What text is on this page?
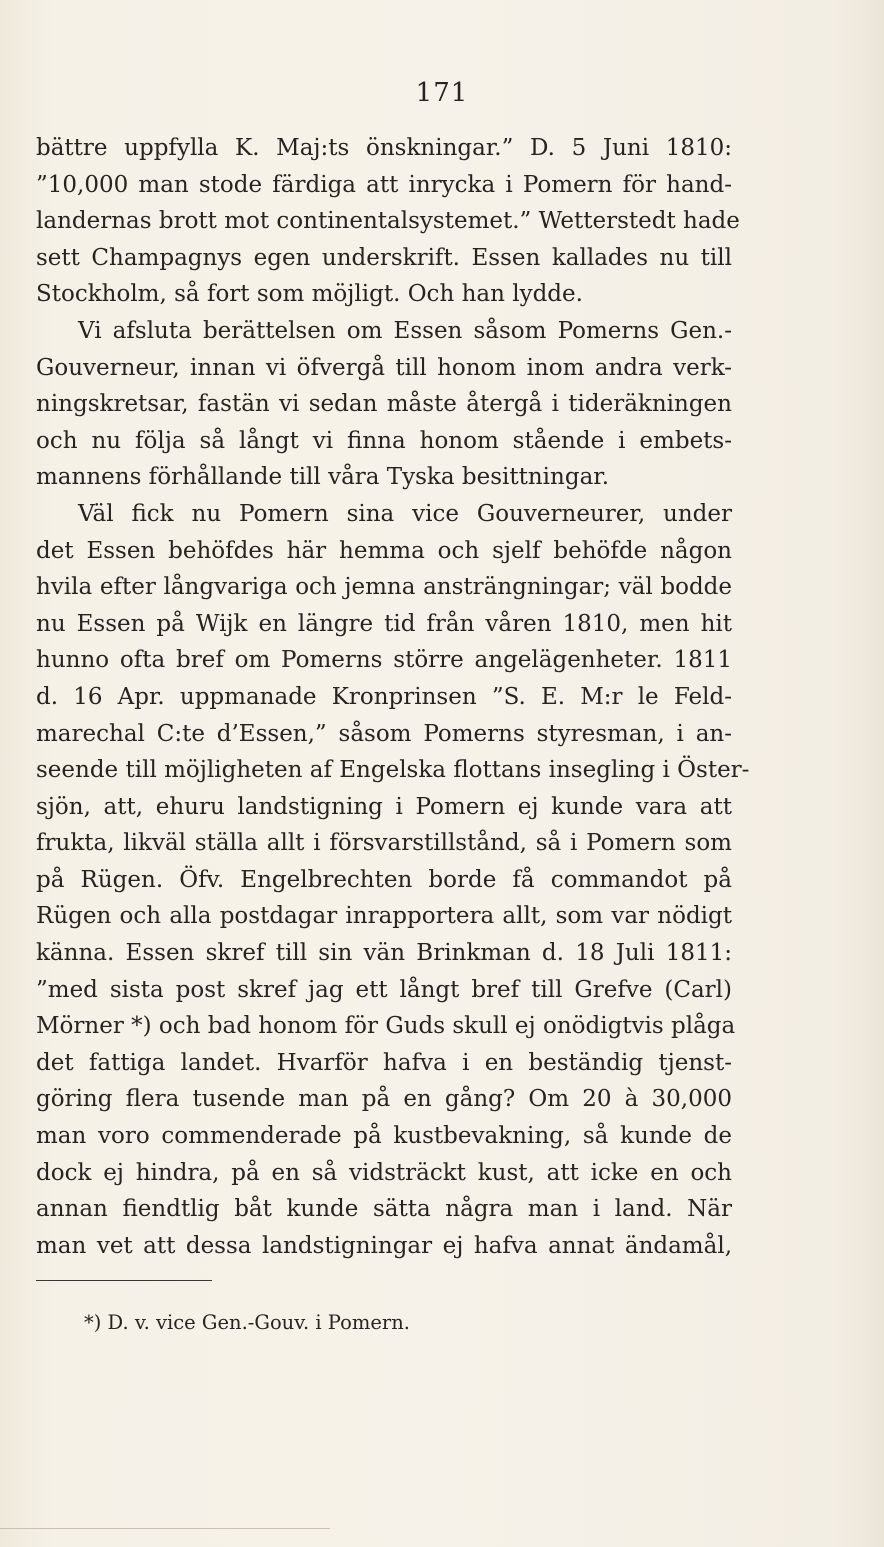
171
bättre uppfylla K. Maj:ts önskningar.” D. 5 Juni 1810:
”10,000 man stode färdiga att inrycka i Pomern för hand-
landernas brott mot continentalsystemet.” Wetterstedt hade
sett Champagnys egen underskrift. Essen kallades nu till
Stockholm, så fort som möjligt. Och han lydde.
Vi afsluta berättelsen om Essen såsom Pomerns Gen.-
Gouverneur, innan vi öfvergå till honom inom andra verk-
ningskretsar, fastän vi sedan måste återgå i tideräkningen
och nu följa så långt vi finna honom stående i embets-
mannens förhållande till våra Tyska besittningar.
Väl fick nu Pomern sina vice Gouverneurer, under
det Essen behöfdes här hemma och sjelf behöfde någon
hvila efter långvariga och jemna ansträngningar; väl bodde
nu Essen på Wijk en längre tid från våren 1810, men hit
hunno ofta bref om Pomerns större angelägenheter. 1811
d. 16 Apr. uppmanade Kronprinsen ”S. E. M:r le Feld-
marechal C:te d’Essen,” såsom Pomerns styresman, i an-
seende till möjligheten af Engelska flottans insegling i Öster-
sjön, att, ehuru landstigning i Pomern ej kunde vara att
frukta, likväl ställa allt i försvarstillstånd, så i Pomern som
på Rügen. Öfv. Engelbrechten borde få commandot på
Rügen och alla postdagar inrapportera allt, som var nödigt
känna. Essen skref till sin vän Brinkman d. 18 Juli 1811:
”med sista post skref jag ett långt bref till Grefve (Carl)
Mörner *) och bad honom för Guds skull ej onödigtvis plåga
det fattiga landet. Hvarför hafva i en beständig tjenst-
göring flera tusende man på en gång? Om 20 à 30,000
man voro commenderade på kustbevakning, så kunde de
dock ej hindra, på en så vidsträckt kust, att icke en och
annan fiendtlig båt kunde sätta några man i land. När
man vet att dessa landstigningar ej hafva annat ändamål,
*) D. v. vice Gen.-Gouv. i Pomern.
